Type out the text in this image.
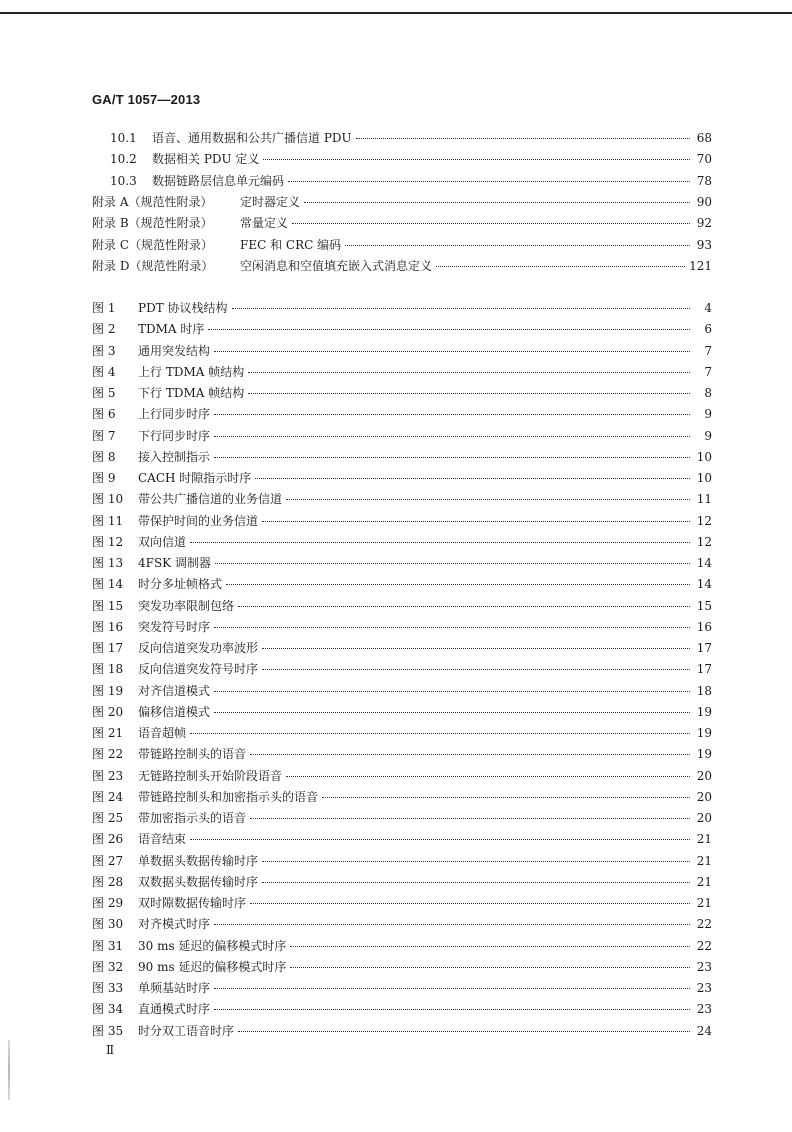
GA/T 1057—2013
10.1	语音、通用数据和公共广播信道 PDU	68
10.2	数据相关 PDU 定义	70
10.3	数据链路层信息单元编码	78
附录 A（规范性附录）	定时器定义	90
附录 B（规范性附录）	常量定义	92
附录 C（规范性附录）	FEC 和 CRC 编码	93
附录 D（规范性附录）	空闲消息和空值填充嵌入式消息定义	121
图 1	PDT 协议栈结构	4
图 2	TDMA 时序	6
图 3	通用突发结构	7
图 4	上行 TDMA 帧结构	7
图 5	下行 TDMA 帧结构	8
图 6	上行同步时序	9
图 7	下行同步时序	9
图 8	接入控制指示	10
图 9	CACH 时隙指示时序	10
图 10	带公共广播信道的业务信道	11
图 11	带保护时间的业务信道	12
图 12	双向信道	12
图 13	4FSK 调制器	14
图 14	时分多址帧格式	14
图 15	突发功率限制包络	15
图 16	突发符号时序	16
图 17	反向信道突发功率波形	17
图 18	反向信道突发符号时序	17
图 19	对齐信道模式	18
图 20	偏移信道模式	19
图 21	语音超帧	19
图 22	带链路控制头的语音	19
图 23	无链路控制头开始阶段语音	20
图 24	带链路控制头和加密指示头的语音	20
图 25	带加密指示头的语音	20
图 26	语音结束	21
图 27	单数据头数据传输时序	21
图 28	双数据头数据传输时序	21
图 29	双时隙数据传输时序	21
图 30	对齐模式时序	22
图 31	30 ms 延迟的偏移模式时序	22
图 32	90 ms 延迟的偏移模式时序	23
图 33	单频基站时序	23
图 34	直通模式时序	23
图 35	时分双工语音时序	24
Ⅱ
